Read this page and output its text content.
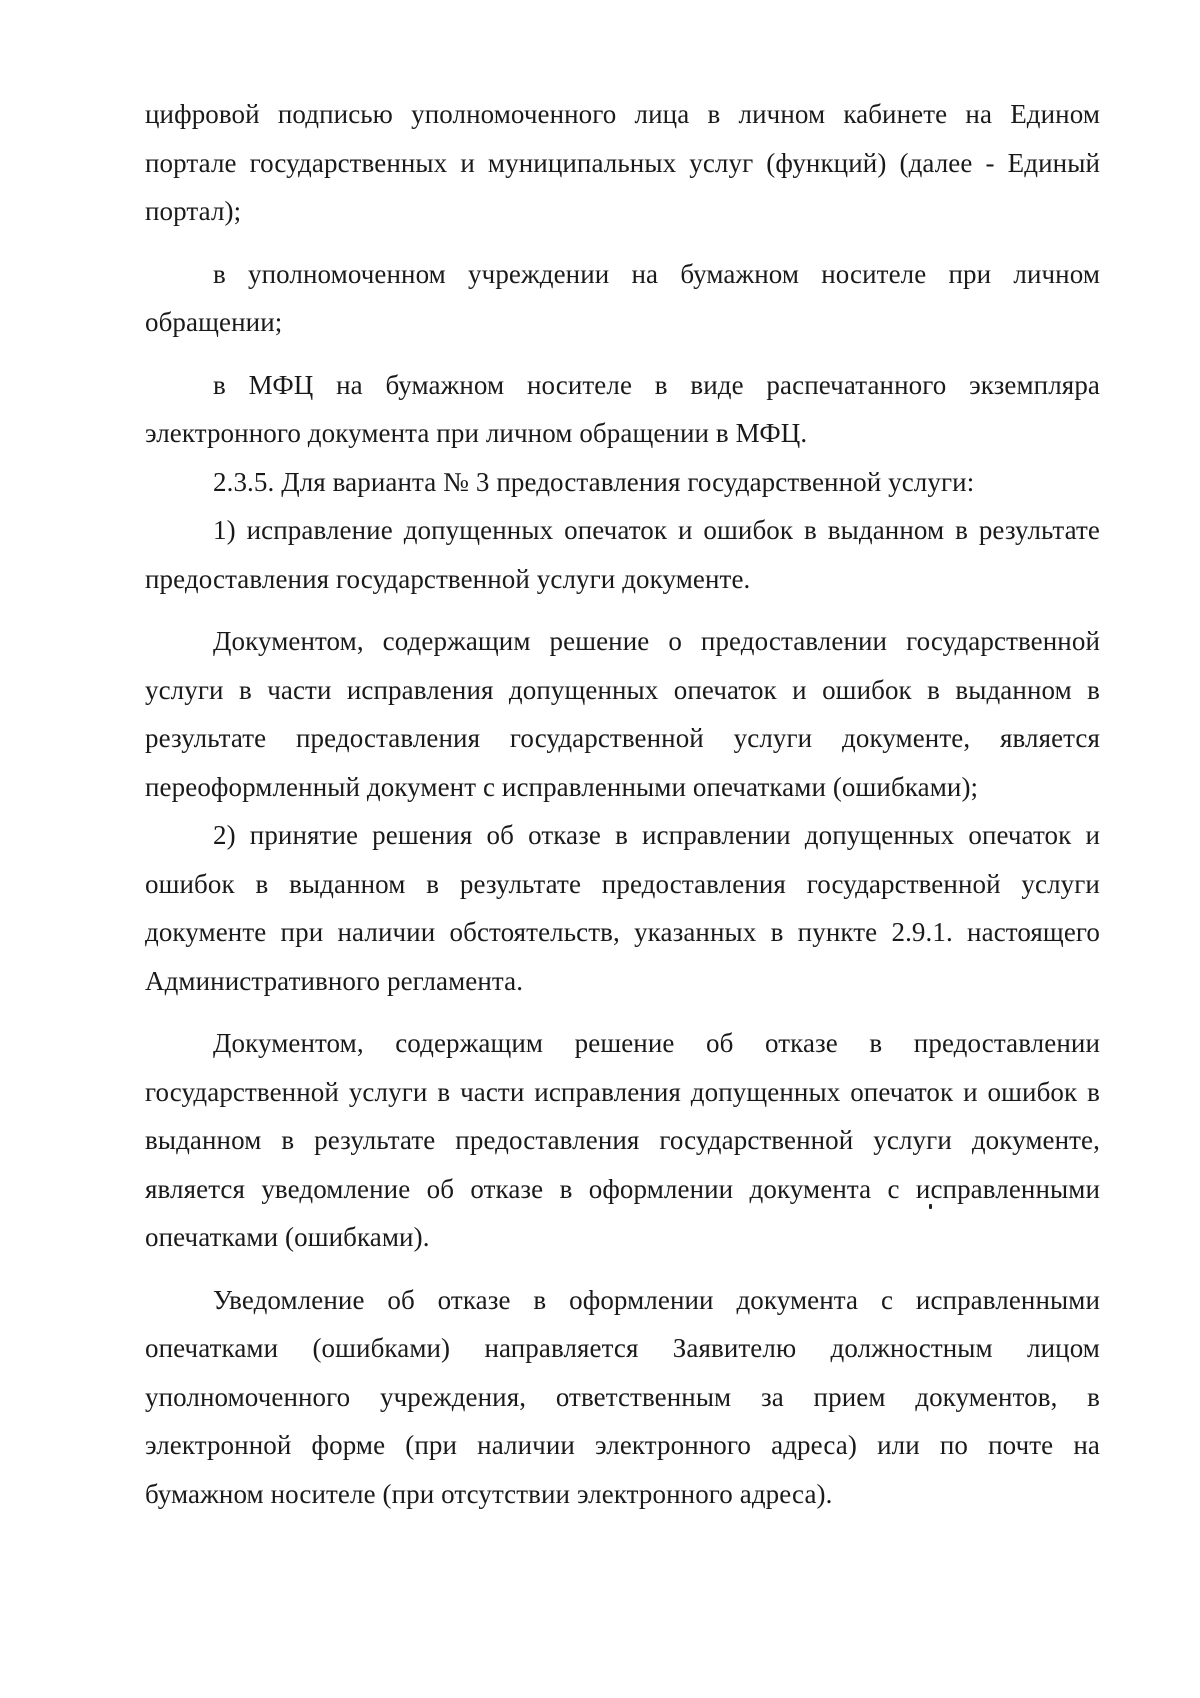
цифровой подписью уполномоченного лица в личном кабинете на Едином портале государственных и муниципальных услуг (функций) (далее - Единый портал);

в уполномоченном учреждении на бумажном носителе при личном обращении;

в МФЦ на бумажном носителе в виде распечатанного экземпляра электронного документа при личном обращении в МФЦ.

2.3.5. Для варианта № 3 предоставления государственной услуги:

1) исправление допущенных опечаток и ошибок в выданном в результате предоставления государственной услуги документе.

Документом, содержащим решение о предоставлении государственной услуги в части исправления допущенных опечаток и ошибок в выданном в результате предоставления государственной услуги документе, является переоформленный документ с исправленными опечатками (ошибками);

2) принятие решения об отказе в исправлении допущенных опечаток и ошибок в выданном в результате предоставления государственной услуги документе при наличии обстоятельств, указанных в пункте 2.9.1. настоящего Административного регламента.

Документом, содержащим решение об отказе в предоставлении государственной услуги в части исправления допущенных опечаток и ошибок в выданном в результате предоставления государственной услуги документе, является уведомление об отказе в оформлении документа с исправленными опечатками (ошибками).

Уведомление об отказе в оформлении документа с исправленными опечатками (ошибками) направляется Заявителю должностным лицом уполномоченного учреждения, ответственным за прием документов, в электронной форме (при наличии электронного адреса) или по почте на бумажном носителе (при отсутствии электронного адреса).
